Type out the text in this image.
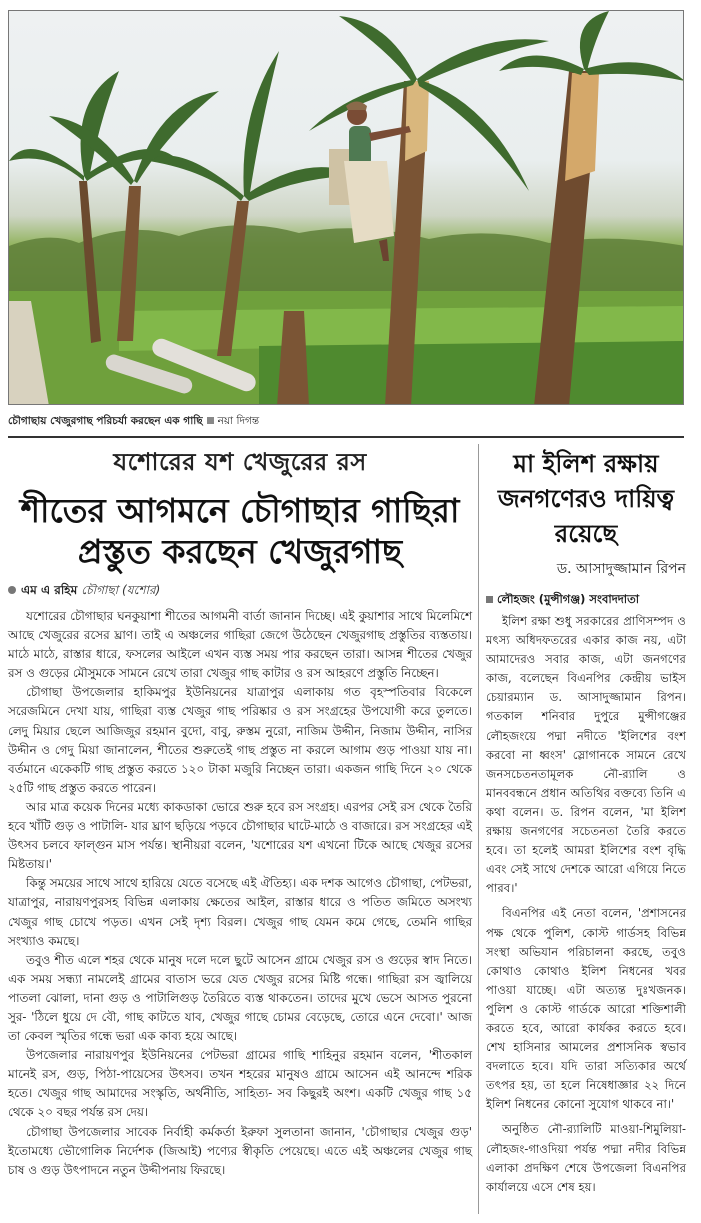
চৌগাছায় খেজুরগাছ পরিচর্যা করছেন এক গাছি নয়া দিগন্ত
যশোরের যশ খেজুরের রস
শীতের আগমনে চৌগাছার গাছিরা প্রস্তুত করছেন খেজুরগাছ
এম এ রহিম চৌগাছা (যশোর)

যশোরের চৌগাছার ঘনকুয়াশা শীতের আগমনী বার্তা জানান দিচ্ছে। এই কুয়াশার সাথে মিলেমিশে আছে খেজুরের রসের ঘ্রাণ। তাই এ অঞ্চলের গাছিরা জেগে উঠেছেন খেজুরগাছ প্রস্তুতির ব্যস্ততায়। মাঠে মাঠে, রাস্তার ধারে, ফসলের আইলে এখন ব্যস্ত সময় পার করছেন তারা। আসন্ন শীতের খেজুর রস ও গুড়ের মৌসুমকে সামনে রেখে তারা খেজুর গাছ কাটার ও রস আহরণে প্রস্তুতি নিচ্ছেন।

চৌগাছা উপজেলার হাকিমপুর ইউনিয়নের যাত্রাপুর এলাকায় গত বৃহস্পতিবার বিকেলে সরেজমিনে দেখা যায়, গাছিরা ব্যস্ত খেজুর গাছ পরিষ্কার ও রস সংগ্রহের উপযোগী করে তুলতে। লেদু মিয়ার ছেলে আজিজুর রহমান বুদো, বাবু, রুস্তম নুরো, নাজিম উদ্দীন, নিজাম উদ্দীন, নাসির উদ্দীন ও গেদু মিয়া জানালেন, শীতের শুরুতেই গাছ প্রস্তুত না করলে আগাম গুড় পাওয়া যায় না। বর্তমানে একেকটি গাছ প্রস্তুত করতে ১২০ টাকা মজুরি নিচ্ছেন তারা। একজন গাছি দিনে ২০ থেকে ২৫টি গাছ প্রস্তুত করতে পারেন।

আর মাত্র কয়েক দিনের মধ্যে কাকডাকা ভোরে শুরু হবে রস সংগ্রহ। এরপর সেই রস থেকে তৈরি হবে খাঁটি গুড় ও পাটালি- যার ঘ্রাণ ছড়িয়ে পড়বে চৌগাছার ঘাটে-মাঠে ও বাজারে। রস সংগ্রহের এই উৎসব চলবে ফাল্গুন মাস পর্যন্ত। স্থানীয়রা বলেন, 'যশোরের যশ এখনো টিকে আছে খেজুর রসের মিষ্টতায়।'

কিন্তু সময়ের সাথে সাথে হারিয়ে যেতে বসেছে এই ঐতিহ্য। এক দশক আগেও চৌগাছা, পেটভরা, যাত্রাপুর, নারায়ণপুরসহ বিভিন্ন এলাকায় ক্ষেতের আইল, রাস্তার ধারে ও পতিত জমিতে অসংখ্য খেজুর গাছ চোখে পড়ত। এখন সেই দৃশ্য বিরল। খেজুর গাছ যেমন কমে গেছে, তেমনি গাছির সংখ্যাও কমছে।

তবুও শীত এলে শহর থেকে মানুষ দলে দলে ছুটে আসেন গ্রামে খেজুর রস ও গুড়ের স্বাদ নিতে। এক সময় সন্ধ্যা নামলেই গ্রামের বাতাস ভরে যেত খেজুর রসের মিষ্টি গন্ধে। গাছিরা রস জ্বালিয়ে পাতলা ঝোলা, দানা গুড় ও পাটালিগুড় তৈরিতে ব্যস্ত থাকতেন। তাদের মুখে ভেসে আসত পুরনো সুর- 'ঠিলে ধুয়ে দে বৌ, গাছ কাটতে যাব, খেজুর গাছে চোমর বেড়েছে, তোরে এনে দেবো।' আজ তা কেবল স্মৃতির গন্ধে ভরা এক কাব্য হয়ে আছে।

উপজেলার নারায়ণপুর ইউনিয়নের পেটভরা গ্রামের গাছি শাহিনুর রহমান বলেন, 'শীতকাল মানেই রস, গুড়, পিঠা-পায়েসের উৎসব। তখন শহরের মানুষও গ্রামে আসেন এই আনন্দে শরিক হতে। খেজুর গাছ আমাদের সংস্কৃতি, অর্থনীতি, সাহিত্য- সব কিছুরই অংশ। একটি খেজুর গাছ ১৫ থেকে ২০ বছর পর্যন্ত রস দেয়।

চৌগাছা উপজেলার সাবেক নির্বাহী কর্মকর্তা ইরুফা সুলতানা জানান, 'চৌগাছার খেজুর গুড়' ইতোমধ্যে ভৌগোলিক নির্দেশক (জিআই) পণ্যের স্বীকৃতি পেয়েছে। এতে এই অঞ্চলের খেজুর গাছ চাষ ও গুড় উৎপাদনে নতুন উদ্দীপনায় ফিরছে।

মা ইলিশ রক্ষায় জনগণেরও দায়িত্ব রয়েছে
ড. আসাদুজ্জামান রিপন
লৌহজং (মুন্সীগঞ্জ) সংবাদদাতা

ইলিশ রক্ষা শুধু সরকারের প্রাণিসম্পদ ও মৎস্য অধিদফতরের একার কাজ নয়, এটা আমাদেরও সবার কাজ, এটা জনগণের কাজ, বলেছেন বিএনপির কেন্দ্রীয় ভাইস চেয়ারম্যান ড. আসাদুজ্জামান রিপন। গতকাল শনিবার দুপুরে মুন্সীগঞ্জের লৌহজংয়ে পদ্মা নদীতে 'ইলিশের বংশ করবো না ধ্বংস' স্লোগানকে সামনে রেখে জনসচেতনতামূলক নৌ-র‍্যালি ও মানববন্ধনে প্রধান অতিথির বক্তব্যে তিনি এ কথা বলেন। ড. রিপন বলেন, 'মা ইলিশ রক্ষায় জনগণের সচেতনতা তৈরি করতে হবে। তা হলেই আমরা ইলিশের বংশ বৃদ্ধি এবং সেই সাথে দেশকে আরো এগিয়ে নিতে পারব।'

বিএনপির এই নেতা বলেন, 'প্রশাসনের পক্ষ থেকে পুলিশ, কোস্ট গার্ডসহ বিভিন্ন সংস্থা অভিযান পরিচালনা করছে, তবুও কোথাও কোথাও ইলিশ নিধনের খবর পাওয়া যাচ্ছে। এটা অত্যন্ত দুঃখজনক। পুলিশ ও কোস্ট গার্ডকে আরো শক্তিশালী করতে হবে, আরো কার্যকর করতে হবে। শেখ হাসিনার আমলের প্রশাসনিক স্বভাব বদলাতে হবে। যদি তারা সত্যিকার অর্থে তৎপর হয়, তা হলে নিষেধাজ্ঞার ২২ দিনে ইলিশ নিধনের কোনো সুযোগ থাকবে না।'

অনুষ্ঠিত নৌ-র‍্যালিটি মাওয়া-শিমুলিয়া-লৌহজং-গাওদিয়া পর্যন্ত পদ্মা নদীর বিভিন্ন এলাকা প্রদক্ষিণ শেষে উপজেলা বিএনপির কার্যালয়ে এসে শেষ হয়।
